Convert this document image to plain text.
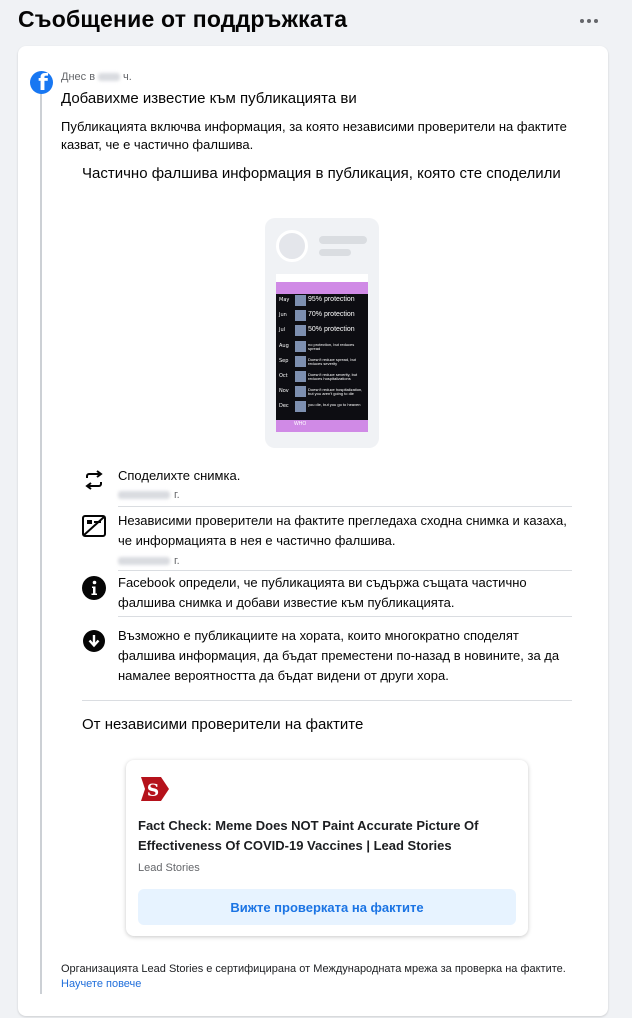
Съобщение от поддръжката
f Днес в	ч.
Добавихме известие към публикацията ви
Публикацията включва информация, за която независими проверители на фактите казват, че е частично фалшива.
Частично фалшива информация в публикация, която сте споделили
May	95% protection
Jun	70% protection
Jul	50% protection
Aug	no protection, but reduces spread
Sep	Doesn't reduce spread, but reduces severity
Oct	Doesn't reduce severity, but reduces hospitalizations
Nov	Doesn't reduce hospitalization, but you aren't going to die
Dec	you die, but you go to heaven
WHO
Споделихте снимка.
г.
Независими проверители на фактите прегледаха сходна снимка и казаха, че информацията в нея е частично фалшива.
г.
Facebook определи, че публикацията ви съдържа същата частично фалшива снимка и добави известие към публикацията.
Възможно е публикациите на хората, които многократно споделят фалшива информация, да бъдат преместени по-назад в новините, за да намалее вероятността да бъдат видени от други хора.
От независими проверители на фактите
S
Fact Check: Meme Does NOT Paint Accurate Picture Of Effectiveness Of COVID-19 Vaccines | Lead Stories
Lead Stories
Вижте проверката на фактите
Организацията Lead Stories е сертифицирана от Международната мрежа за проверка на фактите. Научете повече
